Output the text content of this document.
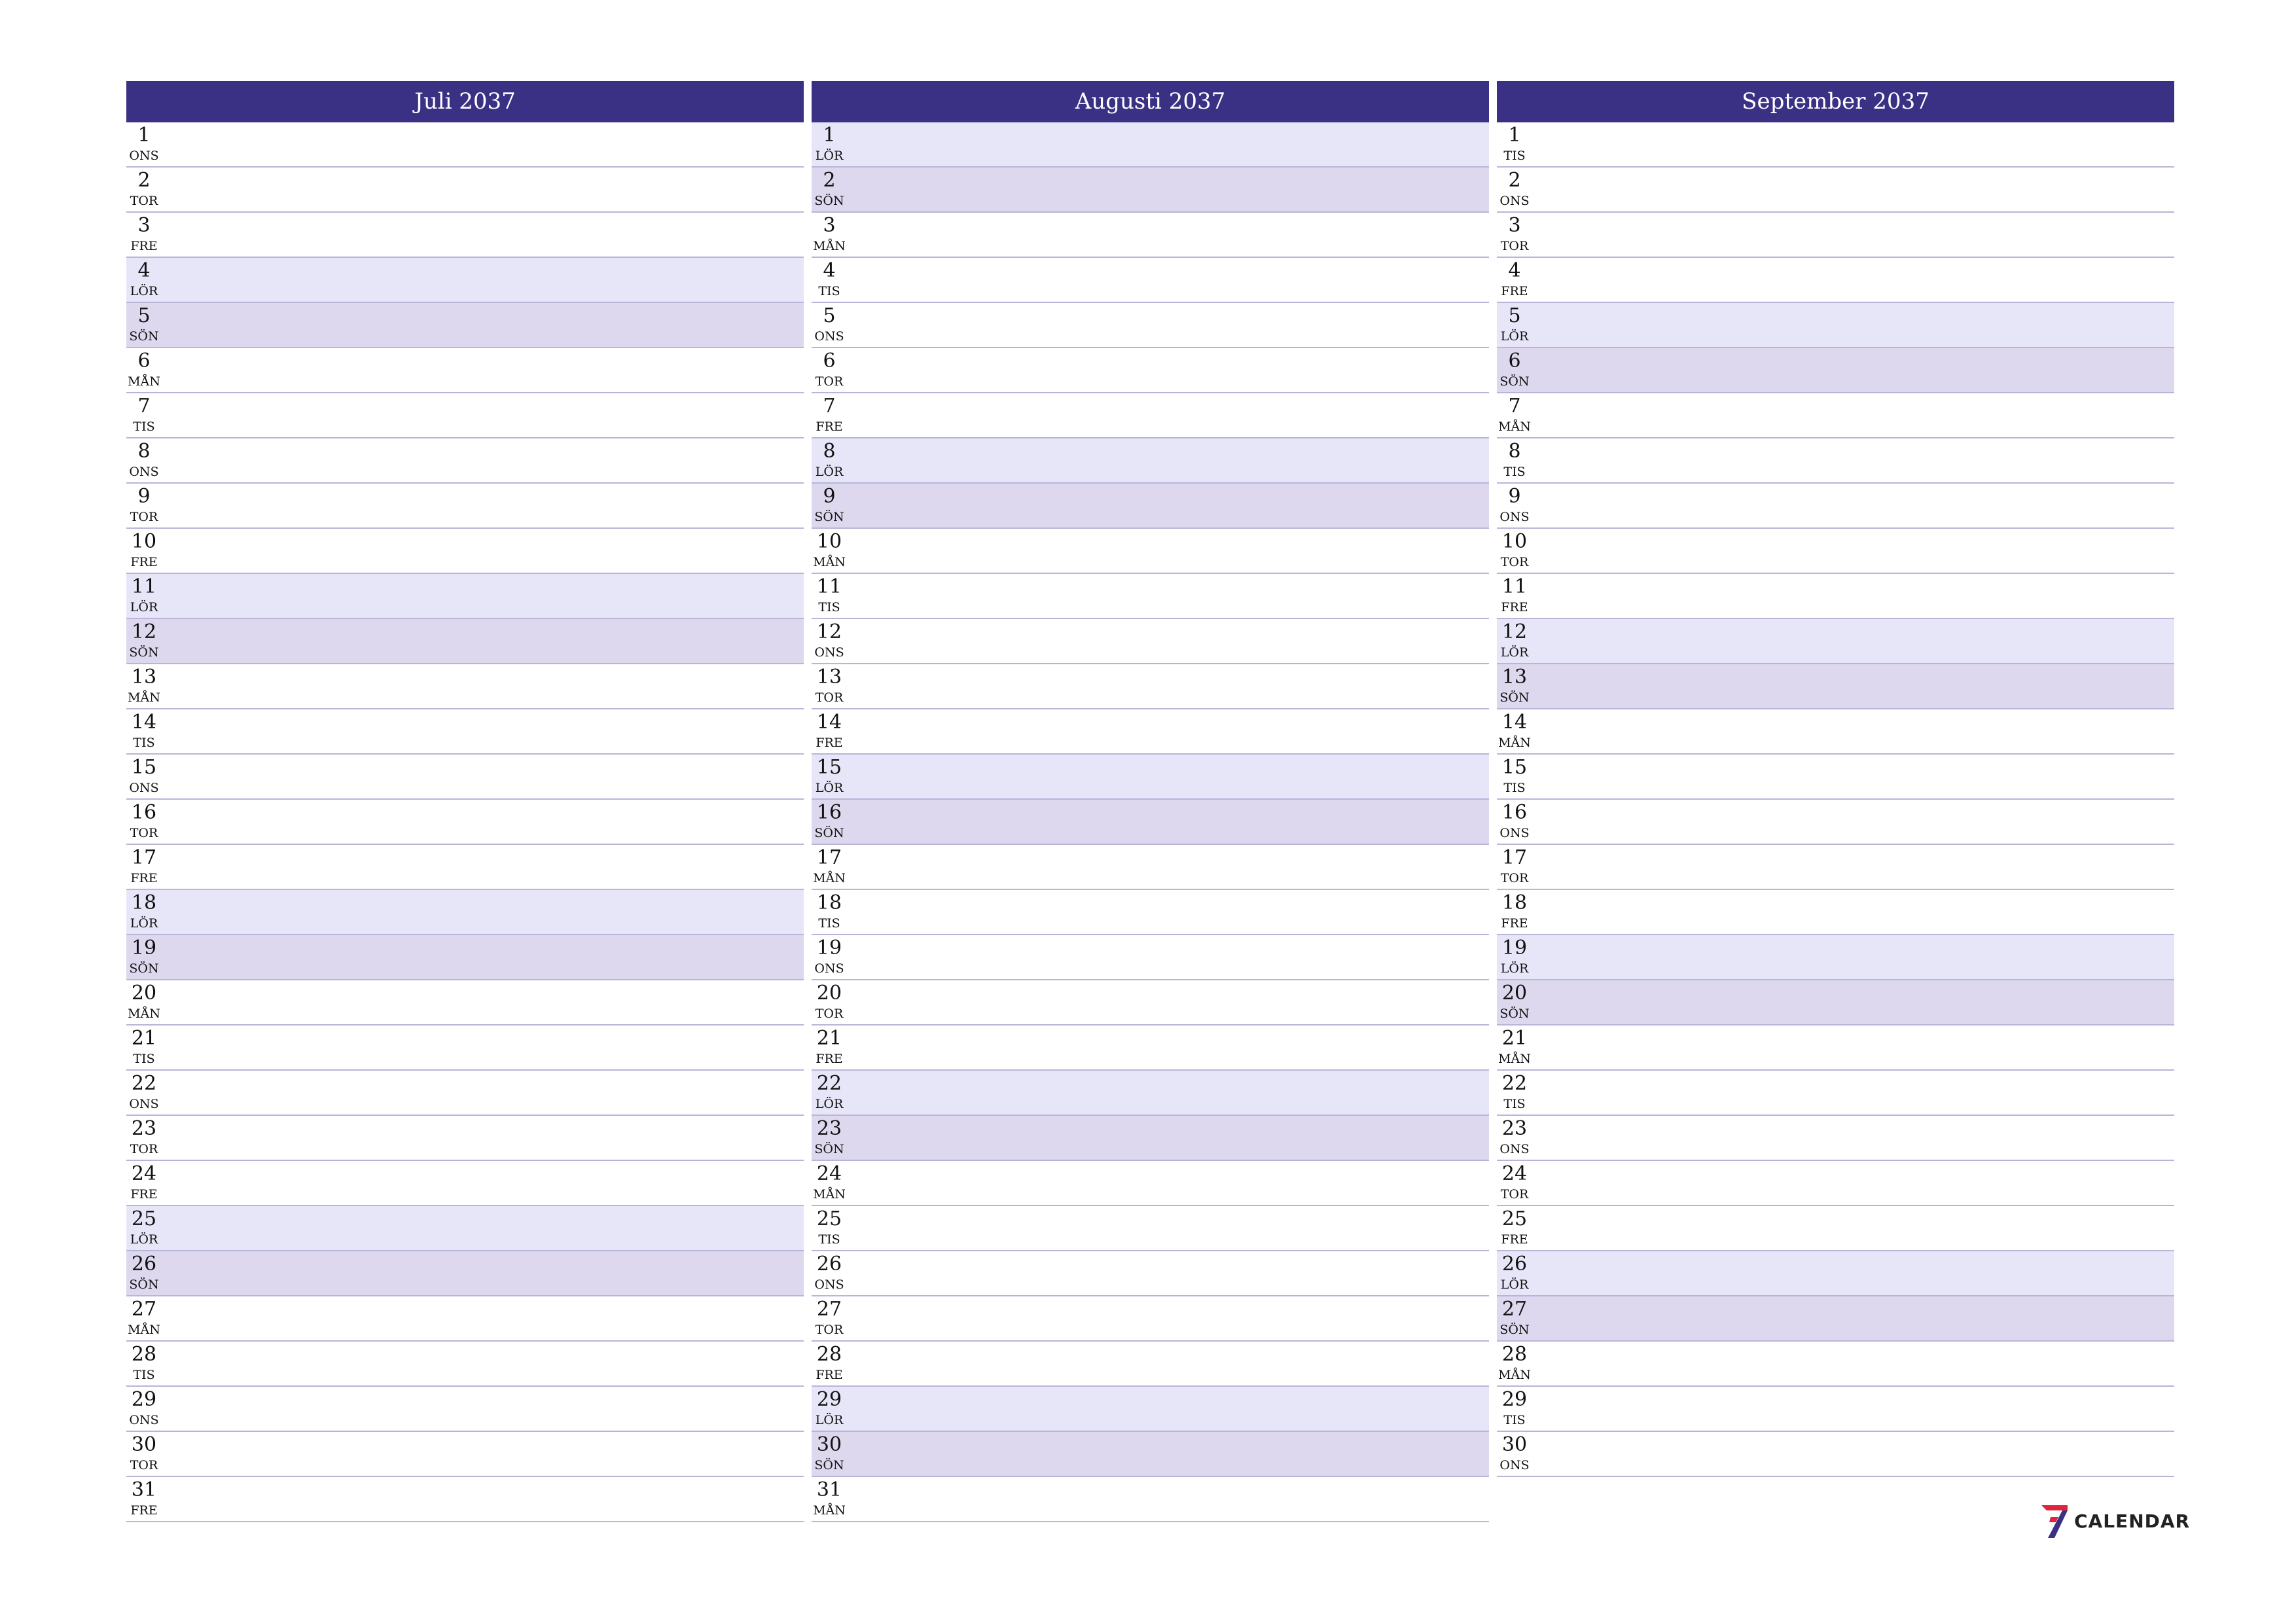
Juli 2037
1
ONS
2
TOR
3
FRE
4
LÖR
5
SÖN
6
MÅN
7
TIS
8
ONS
9
TOR
10
FRE
11
LÖR
12
SÖN
13
MÅN
14
TIS
15
ONS
16
TOR
17
FRE
18
LÖR
19
SÖN
20
MÅN
21
TIS
22
ONS
23
TOR
24
FRE
25
LÖR
26
SÖN
27
MÅN
28
TIS
29
ONS
30
TOR
31
FRE
Augusti 2037
1
LÖR
2
SÖN
3
MÅN
4
TIS
5
ONS
6
TOR
7
FRE
8
LÖR
9
SÖN
10
MÅN
11
TIS
12
ONS
13
TOR
14
FRE
15
LÖR
16
SÖN
17
MÅN
18
TIS
19
ONS
20
TOR
21
FRE
22
LÖR
23
SÖN
24
MÅN
25
TIS
26
ONS
27
TOR
28
FRE
29
LÖR
30
SÖN
31
MÅN
September 2037
1
TIS
2
ONS
3
TOR
4
FRE
5
LÖR
6
SÖN
7
MÅN
8
TIS
9
ONS
10
TOR
11
FRE
12
LÖR
13
SÖN
14
MÅN
15
TIS
16
ONS
17
TOR
18
FRE
19
LÖR
20
SÖN
21
MÅN
22
TIS
23
ONS
24
TOR
25
FRE
26
LÖR
27
SÖN
28
MÅN
29
TIS
30
ONS
CALENDAR
